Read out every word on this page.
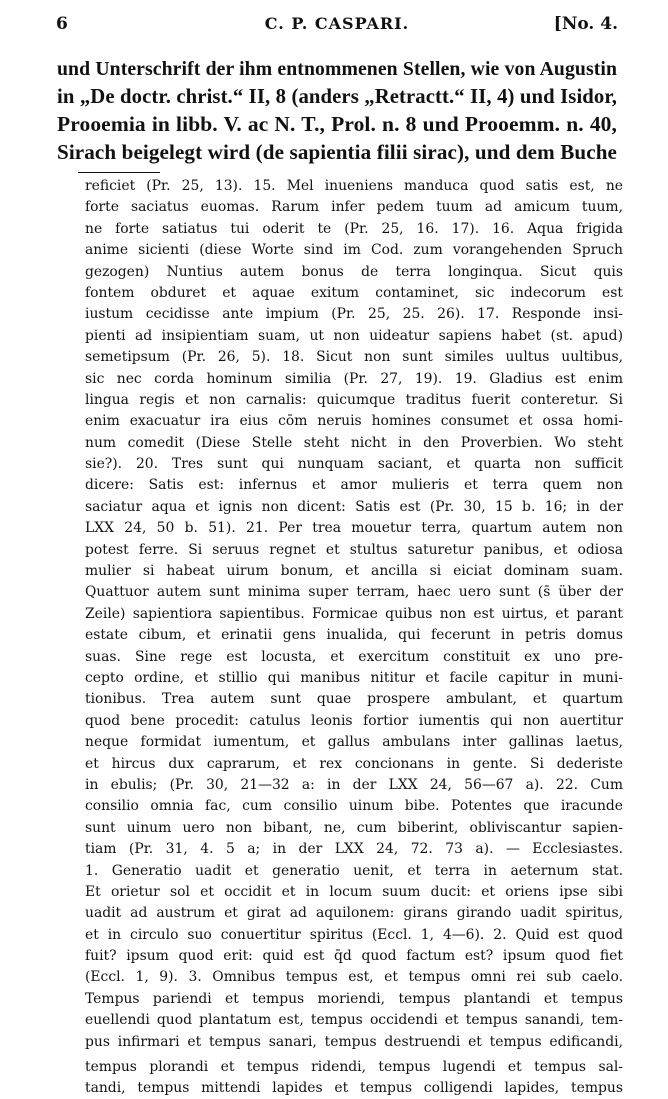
6	C. P. CASPARI.	[No. 4.
und Unterschrift der ihm entnommenen Stellen, wie von Augustin
in „De doctr. christ.“ II, 8 (anders „Retractt.“ II, 4) und Isidor,
Prooemia in libb. V. ac N. T., Prol. n. 8 und Prooemm. n. 40,
Sirach beigelegt wird (de sapientia filii sirac), und dem Buche
reficiet (Pr. 25, 13). 15. Mel inueniens manduca quod satis est, ne
forte saciatus euomas. Rarum infer pedem tuum ad amicum tuum,
ne forte satiatus tui oderit te (Pr. 25, 16. 17). 16. Aqua frigida
anime sicienti (diese Worte sind im Cod. zum vorangehenden Spruch
gezogen) Nuntius autem bonus de terra longinqua. Sicut quis
fontem obduret et aquae exitum contaminet, sic indecorum est
iustum cecidisse ante impium (Pr. 25, 25. 26). 17. Responde insi-
pienti ad insipientiam suam, ut non uideatur sapiens habet (st. apud)
semetipsum (Pr. 26, 5). 18. Sicut non sunt similes uultus uultibus,
sic nec corda hominum similia (Pr. 27, 19). 19. Gladius est enim
lingua regis et non carnalis: quicumque traditus fuerit conteretur. Si
enim exacuatur ira eius cōm neruis homines consumet et ossa homi-
num comedit (Diese Stelle steht nicht in den Proverbien. Wo steht
sie?). 20. Tres sunt qui nunquam saciant, et quarta non sufficit
dicere: Satis est: infernus et amor mulieris et terra quem non
saciatur aqua et ignis non dicent: Satis est (Pr. 30, 15 b. 16; in der
LXX 24, 50 b. 51). 21. Per trea mouetur terra, quartum autem non
potest ferre. Si seruus regnet et stultus saturetur panibus, et odiosa
mulier si habeat uirum bonum, et ancilla si eiciat dominam suam.
Quattuor autem sunt minima super terram, haec uero sunt (s̄ über der
Zeile) sapientiora sapientibus. Formicae quibus non est uirtus, et parant
estate cibum, et erinatii gens inualida, qui fecerunt in petris domus
suas. Sine rege est locusta, et exercitum constituit ex uno pre-
cepto ordine, et stillio qui manibus nititur et facile capitur in muni-
tionibus. Trea autem sunt quae prospere ambulant, et quartum
quod bene procedit: catulus leonis fortior iumentis qui non auertitur
neque formidat iumentum, et gallus ambulans inter gallinas laetus,
et hircus dux caprarum, et rex concionans in gente. Si dederiste
in ebulis; (Pr. 30, 21—32 a: in der LXX 24, 56—67 a). 22. Cum
consilio omnia fac, cum consilio uinum bibe. Potentes que iracunde
sunt uinum uero non bibant, ne, cum biberint, obliviscantur sapien-
tiam (Pr. 31, 4. 5 a; in der LXX 24, 72. 73 a). — Ecclesiastes.
1. Generatio uadit et generatio uenit, et terra in aeternum stat.
Et orietur sol et occidit et in locum suum ducit: et oriens ipse sibi
uadit ad austrum et girat ad aquilonem: girans girando uadit spiritus,
et in circulo suo conuertitur spiritus (Eccl. 1, 4—6). 2. Quid est quod
fuit? ipsum quod erit: quid est q̄d quod factum est? ipsum quod fiet
(Eccl. 1, 9). 3. Omnibus tempus est, et tempus omni rei sub caelo.
Tempus pariendi et tempus moriendi, tempus plantandi et tempus
euellendi quod plantatum est, tempus occidendi et tempus sanandi, tem-
pus infirmari et tempus sanari, tempus destruendi et tempus edificandi,
tempus plorandi et tempus ridendi, tempus lugendi et tempus sal-
tandi, tempus mittendi lapides et tempus colligendi lapides, tempus
